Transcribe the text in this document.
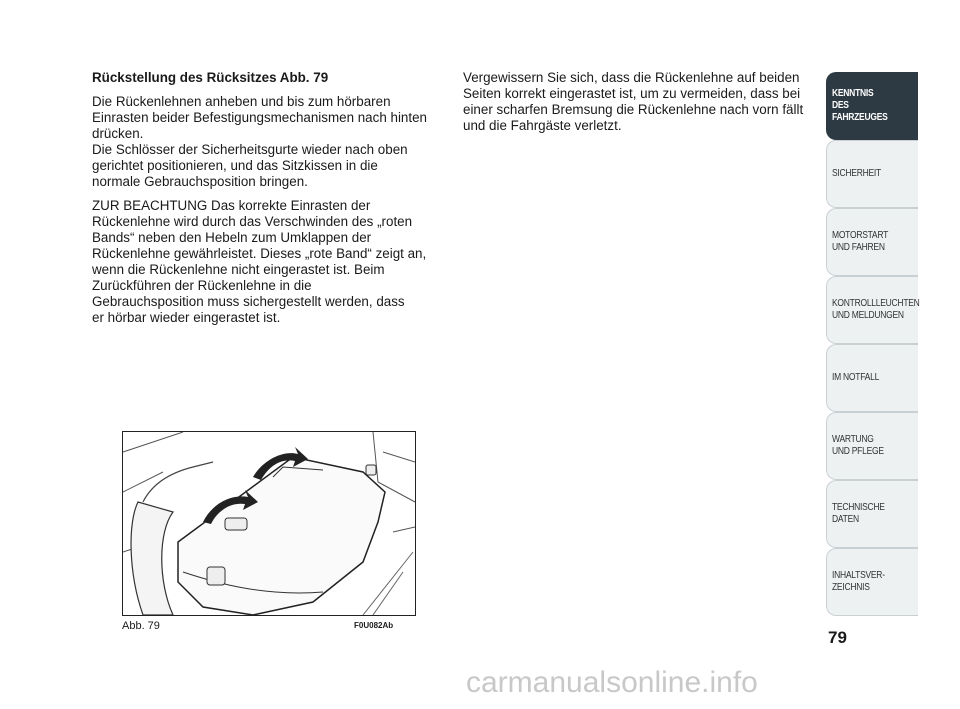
Rückstellung des Rücksitzes Abb. 79

Die Rückenlehnen anheben und bis zum hörbaren
Einrasten beider Befestigungsmechanismen nach hinten
drücken.
Die Schlösser der Sicherheitsgurte wieder nach oben
gerichtet positionieren, und das Sitzkissen in die
normale Gebrauchsposition bringen.

ZUR BEACHTUNG Das korrekte Einrasten der
Rückenlehne wird durch das Verschwinden des „roten
Bands“ neben den Hebeln zum Umklappen der
Rückenlehne gewährleistet. Dieses „rote Band“ zeigt an,
wenn die Rückenlehne nicht eingerastet ist. Beim
Zurückführen der Rückenlehne in die
Gebrauchsposition muss sichergestellt werden, dass
er hörbar wieder eingerastet ist.

Vergewissern Sie sich, dass die Rückenlehne auf beiden
Seiten korrekt eingerastet ist, um zu vermeiden, dass bei
einer scharfen Bremsung die Rückenlehne nach vorn fällt
und die Fahrgäste verletzt.

Abb. 79	F0U082Ab
KENNTNIS
DES FAHRZEUGES
SICHERHEIT
MOTORSTART
UND FAHREN
KONTROLLLEUCHTEN
UND MELDUNGEN
IM NOTFALL
WARTUNG
UND PFLEGE
TECHNISCHE
DATEN
INHALTSVER-
ZEICHNIS
79
carmanualsonline.info
